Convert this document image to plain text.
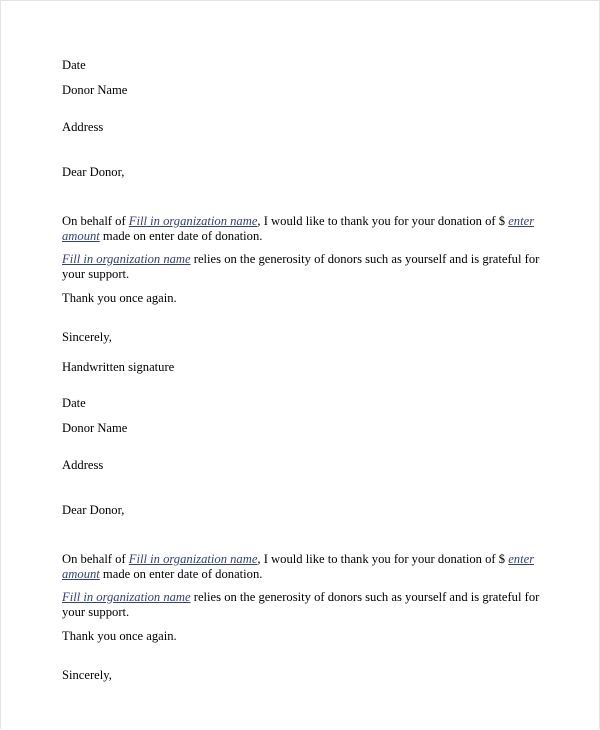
Date
Donor Name
Address
Dear Donor,
On behalf of Fill in organization name, I would like to thank you for your donation of $ enter
amount made on enter date of donation.
Fill in organization name relies on the generosity of donors such as yourself and is grateful for
your support.
Thank you once again.
Sincerely,
Handwritten signature
Date
Donor Name
Address
Dear Donor,
On behalf of Fill in organization name, I would like to thank you for your donation of $ enter
amount made on enter date of donation.
Fill in organization name relies on the generosity of donors such as yourself and is grateful for
your support.
Thank you once again.
Sincerely,
